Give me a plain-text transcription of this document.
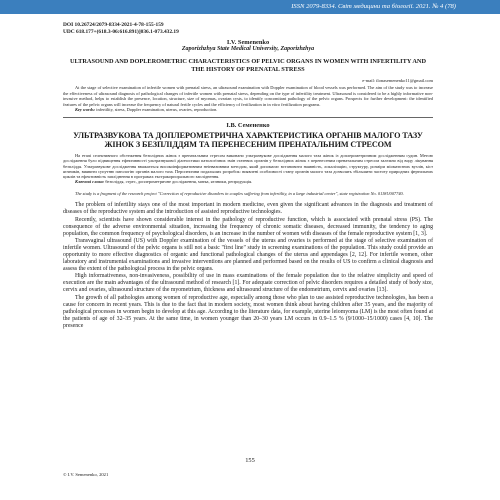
ISSN 2079-8334. Світ медицини та біології. 2021. № 4 (78)
DOI 10.26724/2079-8334-2021-4-78-155-159
UDC 618.177+(618.3-06:616.891)]036.1-073.432.19
I.V. Semenenko
Zaporizhzhya State Medical University, Zaporizhzhya
ULTRASOUND AND DOPLEROMETRIC CHARACTERISTICS OF PELVIC ORGANS IN WOMEN WITH INFERTILITY AND THE HISTORY OF PRENATAL STRESS
e-mail: ilonasemenenko11@gmail.com
At the stage of selective examination of infertile women with prenatal stress, an ultrasound examination with Doppler examination of blood vessels was performed. The aim of the study was to increase the effectiveness of ultrasound diagnosis of pathological changes of infertile women with prenatal stress, depending on the type of infertility treatment. Ultrasound is considered to be a highly informative non-invasive method, helps to establish the presence, location, structure, size of myomas, ovarian cysts, to identify concomitant pathology of the pelvic organs. Prospects for further development: the identified features of the pelvic organs will increase the frequency of natural fertile cycles and the efficiency of fertilization in in vitro fertilization programs.
Key words: infertility, stress, Doppler examination, uterus, ovaries, reproduction.
І.В. Семененко
УЛЬТРАЗВУКОВА ТА ДОПЛЕРОМЕТРИЧНА ХАРАКТЕРИСТИКА ОРГАНІВ МАЛОГО ТАЗУ ЖІНОК З БЕЗПЛІДДЯМ ТА ПЕРЕНЕСЕНИМ ПРЕНАТАЛЬНИМ СТРЕСОМ
На етапі селективного обстеження безплідних жінок з пренатальним стресом виконано ультразвукове дослідження малого таза жінок із доплерометричним дослідженням судин. Метою дослідження було підвищення ефективності ультразвукової діагностики патологічних змін статевих органів у безплідних жінок з перенесеним пренатальним стресом залежно від виду лікування безпліддя. Ультразвукове дослідження вважається високоінформативним неінвазивним методом, який допомагає встановити наявність, локалізацію, структуру, розміри міоматозних вузлів, кіст яєчників, виявити супутню патологію органів малого таза. Перспективи подальших розробок: виявлені особливості стану органів малого таза дозволять збільшити частоту природних фертильних циклів та ефективність запліднення в програмах екстракорпорального запліднення.
Ключові слова: безпліддя, стрес, доплерометричне дослідження, матка, яєчники, репродукція.
The study is a fragment of the research project "Correction of reproductive disorders in couples suffering from infertility, in a large industrial center", state registration No. 0118U007740.

The problem of infertility stays one of the most important in modern medicine, even given the significant advances in the diagnosis and treatment of diseases of the reproductive system and the introduction of assisted reproductive technologies.

Recently, scientists have shown considerable interest in the pathology of reproductive function, which is associated with prenatal stress (PS). The consequence of the adverse environmental situation, increasing the frequency of chronic somatic diseases, decreased immunity, the tendency to aging population, the common frequency of psychological disorders, is an increase in the number of women with diseases of the female reproductive system [1, 3].

Transvaginal ultrasound (US) with Doppler examination of the vessels of the uterus and ovaries is performed at the stage of selective examination of infertile women. Ultrasound of the pelvic organs is still not a basic "first line" study in screening examinations of the population. This study could provide an opportunity to more effective diagnostics of organic and functional pathological changes of the uterus and appendages [2, 12]. For infertile women, other laboratory and instrumental examinations and invasive interventions are planned and performed based on the results of US to confirm a clinical diagnosis and assess the extent of the pathological process in the pelvic organs.

High informativeness, non-invasiveness, possibility of use in mass examinations of the female population due to the relative simplicity and speed of execution are the main advantages of the ultrasound method of research [1]. For adequate correction of pelvic disorders requires a detailed study of body size, cervix and ovaries, ultrasound structure of the myometrium, thickness and ultrasound structure of the endometrium, cervix and ovaries [13].

The growth of all pathologies among women of reproductive age, especially among those who plan to use assisted reproductive technologies, has been a cause for concern in recent years. This is due to the fact that in modern society, most women think about having children after 35 years, and the majority of pathological processes in women begin to develop at this age. According to the literature data, for example, uterine leiomyoma (LM) is the most often found at the patients of age of 32–35 years. At the same time, in women younger than 20–30 years LM occurs in 0.9–1.5 % (9/1000–15/1000) cases [4, 10]. The presence

155
© I.V. Semenenko, 2021
